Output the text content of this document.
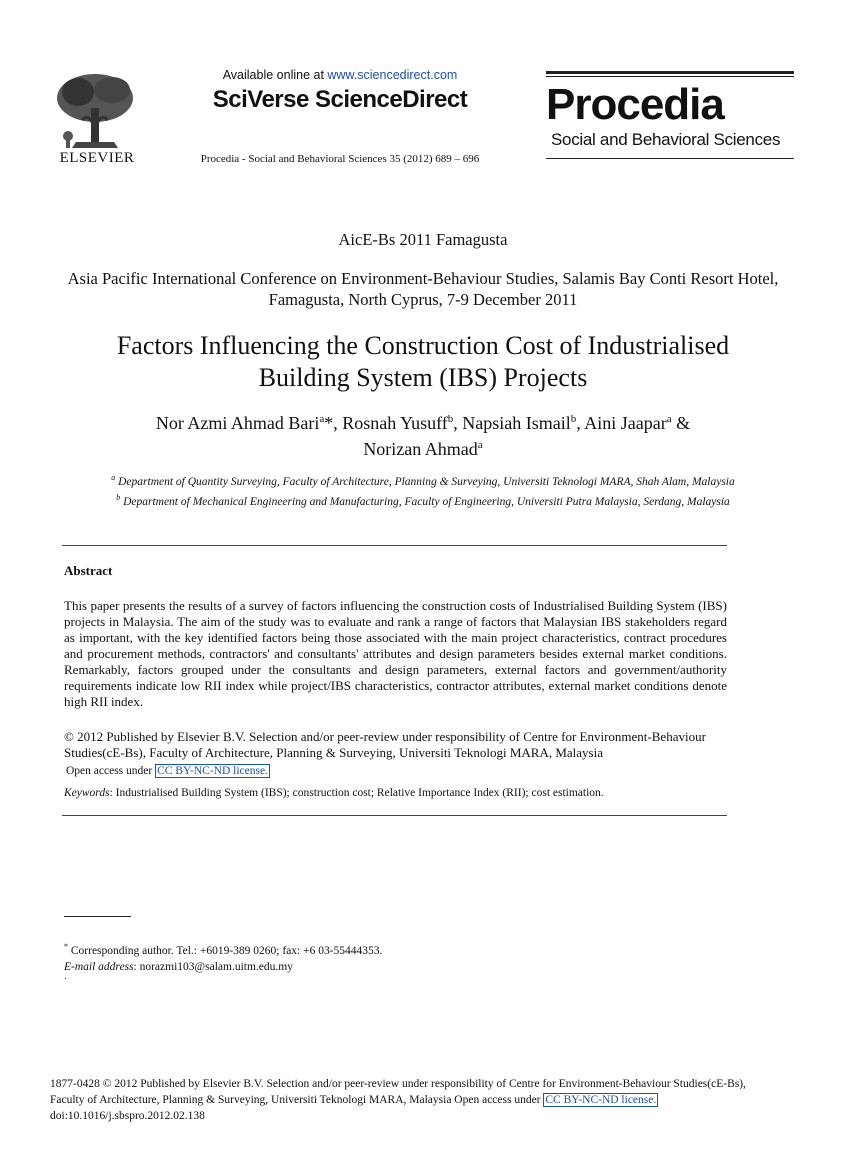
ELSEVIER
Available online at www.sciencedirect.com
SciVerse ScienceDirect
Procedia - Social and Behavioral Sciences 35 (2012) 689 – 696
Procedia
Social and Behavioral Sciences
AicE-Bs 2011 Famagusta
Asia Pacific International Conference on Environment-Behaviour Studies, Salamis Bay Conti Resort Hotel, Famagusta, North Cyprus, 7-9 December 2011
Factors Influencing the Construction Cost of Industrialised
Building System (IBS) Projects
Nor Azmi Ahmad Bari$^a$*, Rosnah Yusuff$^b$, Napsiah Ismail$^b$, Aini Jaapar$^a$ &
Norizan Ahmad$^a$
$^a$ Department of Quantity Surveying, Faculty of Architecture, Planning & Surveying, Universiti Teknologi MARA, Shah Alam, Malaysia
$^b$ Department of Mechanical Engineering and Manufacturing, Faculty of Engineering, Universiti Putra Malaysia, Serdang, Malaysia
Abstract
This paper presents the results of a survey of factors influencing the construction costs of Industrialised Building System (IBS) projects in Malaysia. The aim of the study was to evaluate and rank a range of factors that Malaysian IBS stakeholders regard as important, with the key identified factors being those associated with the main project characteristics, contract procedures and procurement methods, contractors' and consultants' attributes and design parameters besides external market conditions. Remarkably, factors grouped under the consultants and design parameters, external factors and government/authority requirements indicate low RII index while project/IBS characteristics, contractor attributes, external market conditions denote high RII index.
© 2012 Published by Elsevier B.V. Selection and/or peer-review under responsibility of Centre for Environment-Behaviour Studies(cE-Bs), Faculty of Architecture, Planning & Surveying, Universiti Teknologi MARA, Malaysia
Open access under CC BY-NC-ND license.
Keywords: Industrialised Building System (IBS); construction cost; Relative Importance Index (RII); cost estimation.
* Corresponding author. Tel.: +6019-389 0260; fax: +6 03-55444353.
E-mail address: norazmi103@salam.uitm.edu.my
.
1877-0428 © 2012 Published by Elsevier B.V. Selection and/or peer-review under responsibility of Centre for Environment-Behaviour Studies(cE-Bs),
Faculty of Architecture, Planning & Surveying, Universiti Teknologi MARA, Malaysia Open access under CC BY-NC-ND license.
doi:10.1016/j.sbspro.2012.02.138
